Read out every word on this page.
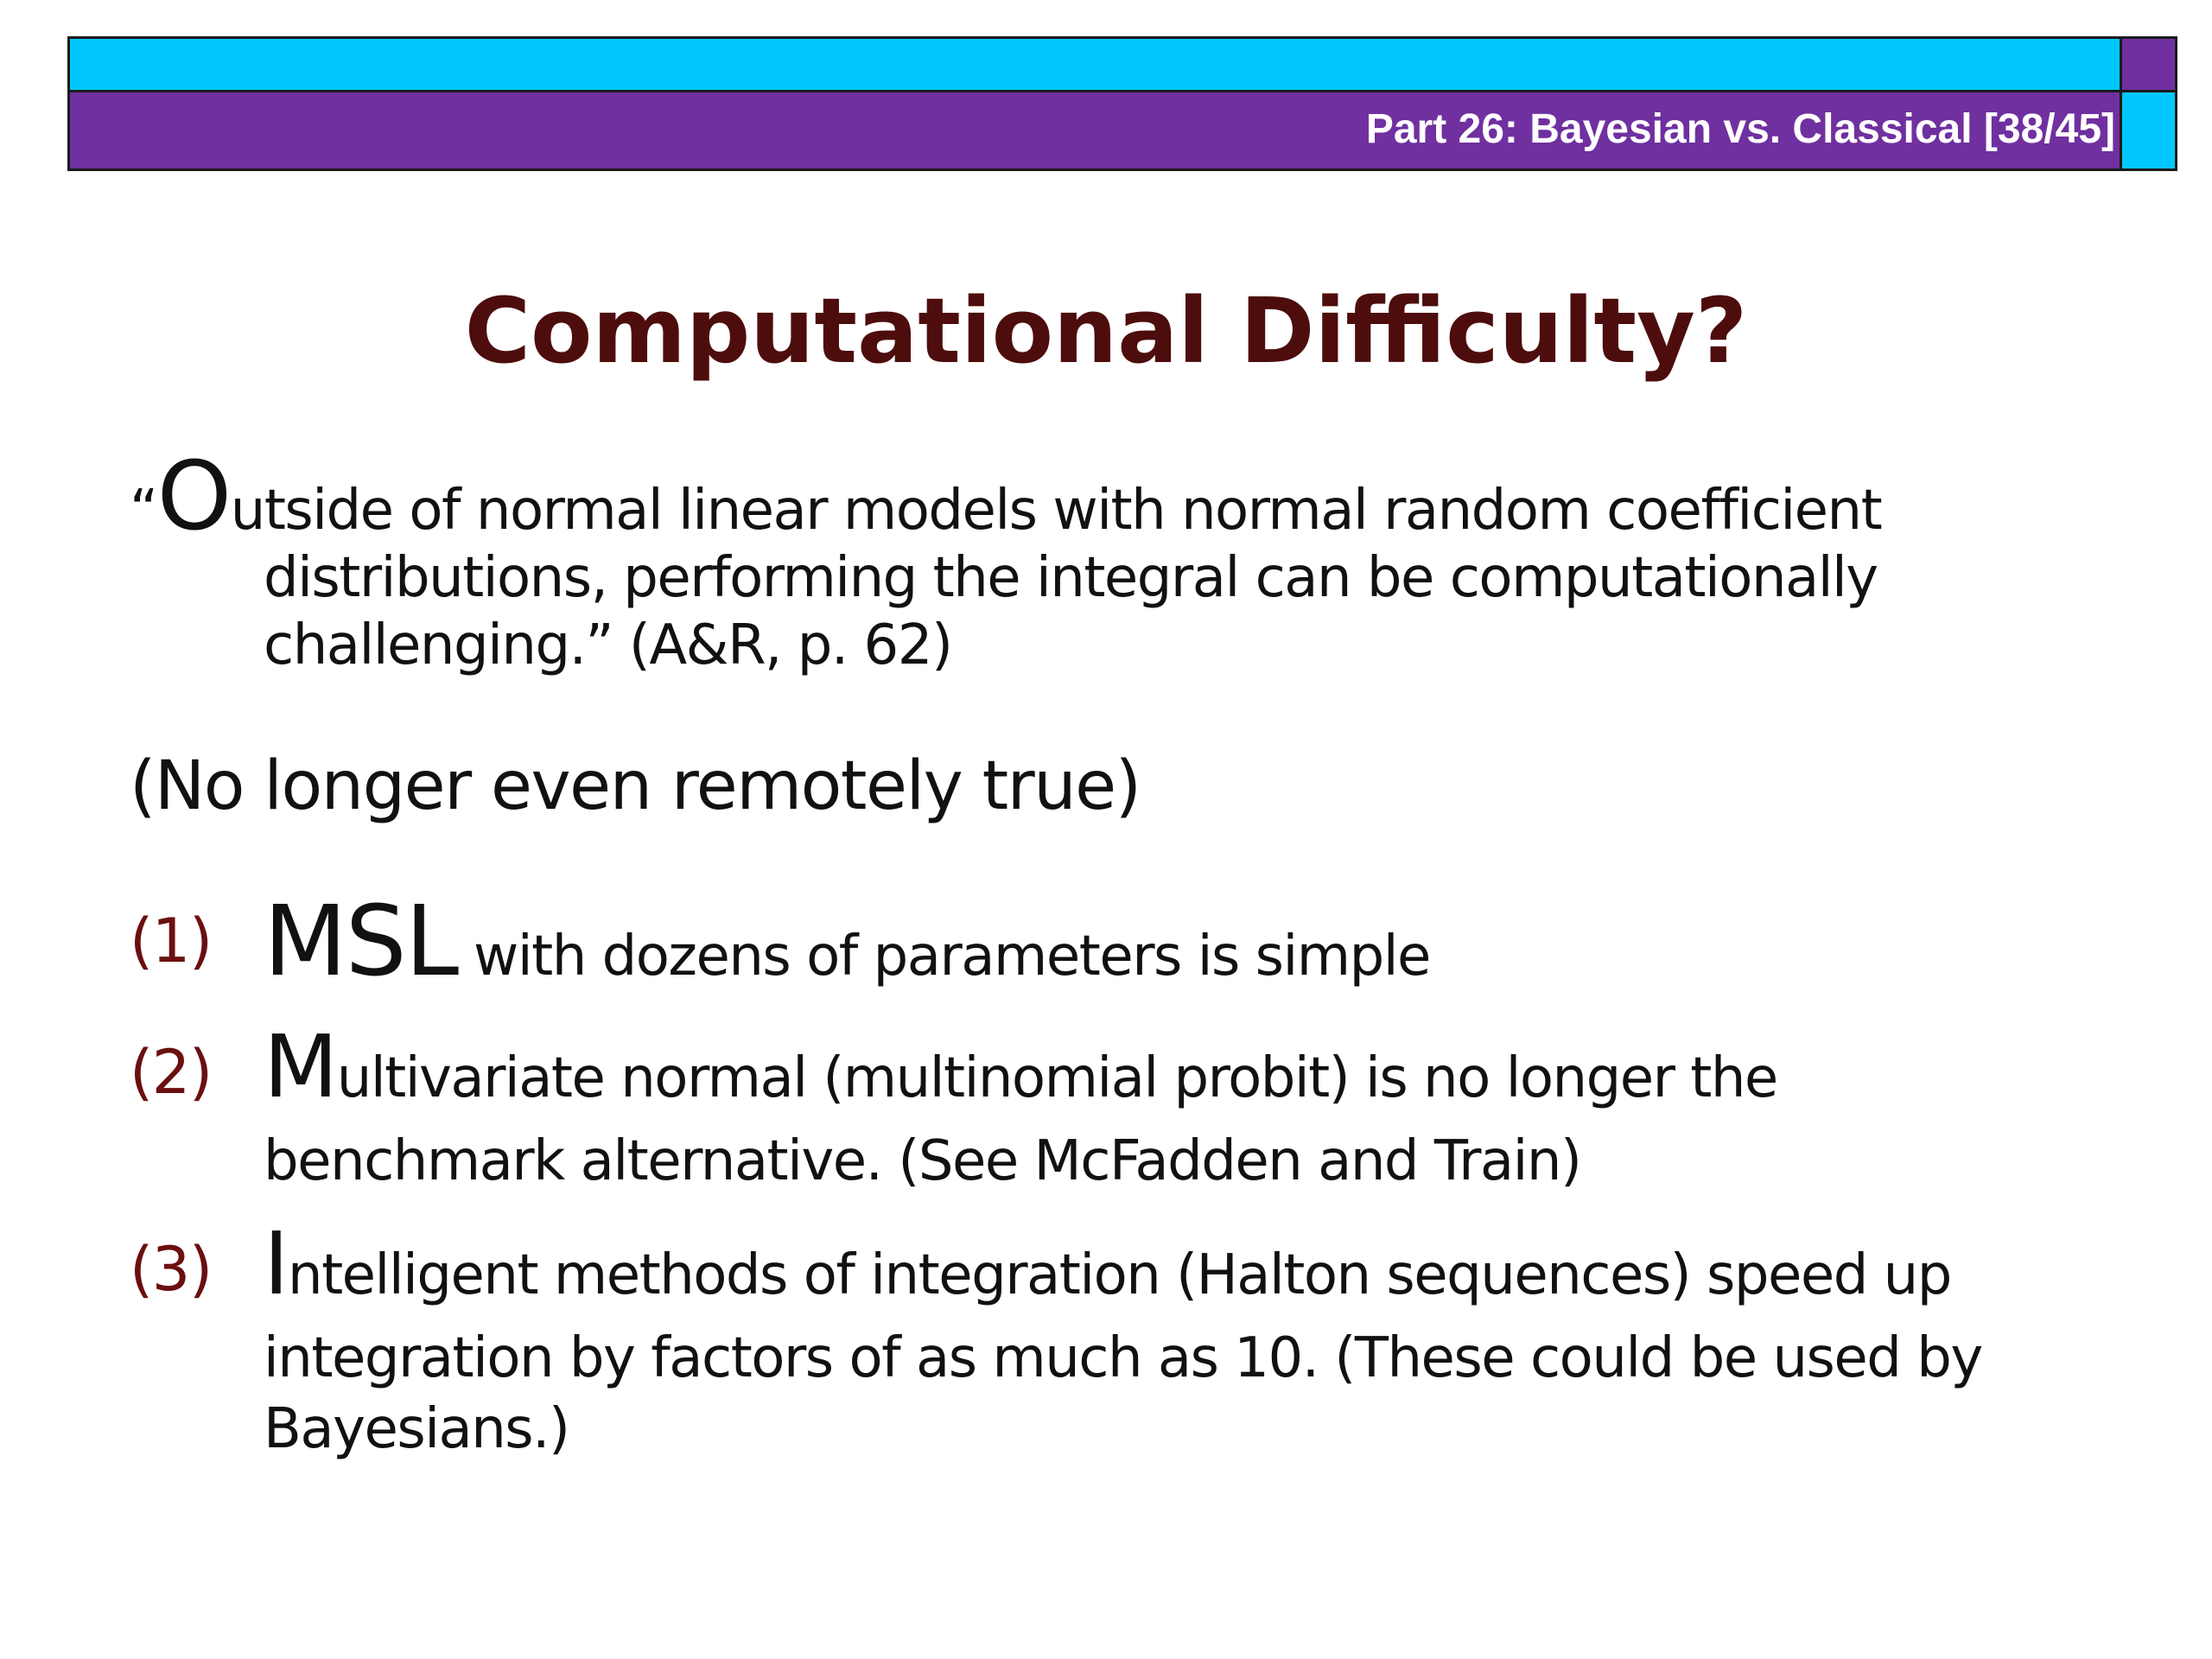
Part 26: Bayesian vs. Classical [38/45]
Computational Difficulty?
“Outside of normal linear models with normal random coefficient
distributions, performing the integral can be computationally
challenging.” (A&R, p. 62)
(No longer even remotely true)
(1) MSL with dozens of parameters is simple
(2) Multivariate normal (multinomial probit) is no longer the
benchmark alternative. (See McFadden and Train)
(3) Intelligent methods of integration (Halton sequences) speed up
integration by factors of as much as 10. (These could be used by
Bayesians.)
